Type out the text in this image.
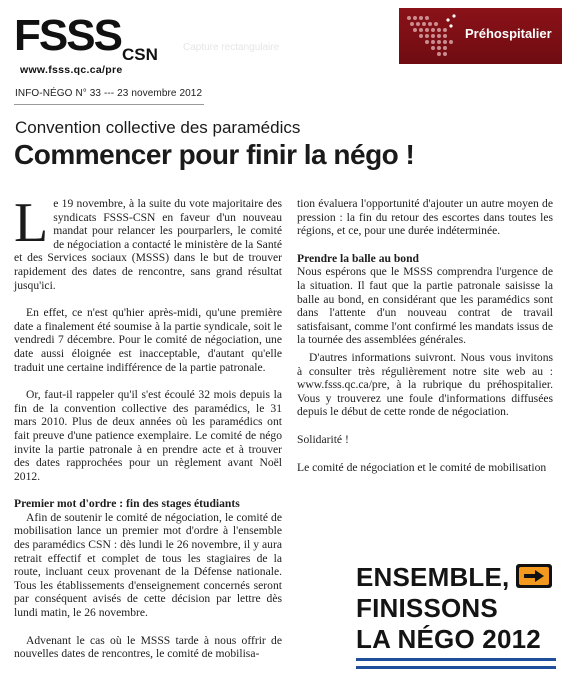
FSSS CSN
www.fsss.qc.ca/pre
Capture rectangulaire
Préhospitalier
INFO-NÉGO N° 33 --- 23 novembre 2012
Convention collective des paramédics
Commencer pour finir la négo !

Le 19 novembre, à la suite du vote majoritaire des syndicats FSSS-CSN en faveur d'un nouveau mandat pour relancer les pourparlers, le comité de négociation a contacté le ministère de la Santé et des Services sociaux (MSSS) dans le but de trouver rapidement des dates de rencontre, sans grand résultat jusqu'ici.

En effet, ce n'est qu'hier après-midi, qu'une première date a finalement été soumise à la partie syndicale, soit le vendredi 7 décembre. Pour le comité de négociation, une date aussi éloignée est inacceptable, d'autant qu'elle traduit une certaine indifférence de la partie patronale.

Or, faut-il rappeler qu'il s'est écoulé 32 mois depuis la fin de la convention collective des paramédics, le 31 mars 2010. Plus de deux années où les paramédics ont fait preuve d'une patience exemplaire. Le comité de négo invite la partie patronale à en prendre acte et à trouver des dates rapprochées pour un règlement avant Noël 2012.

Premier mot d'ordre : fin des stages étudiants

Afin de soutenir le comité de négociation, le comité de mobilisation lance un premier mot d'ordre à l'ensemble des paramédics CSN : dès lundi le 26 novembre, il y aura retrait effectif et complet de tous les stagiaires de la route, incluant ceux provenant de la Défense nationale. Tous les établissements d'enseignement concernés seront par conséquent avisés de cette décision par lettre dès lundi matin, le 26 novembre.

Advenant le cas où le MSSS tarde à nous offrir de nouvelles dates de rencontres, le comité de mobilisa-

tion évaluera l'opportunité d'ajouter un autre moyen de pression : la fin du retour des escortes dans toutes les régions, et ce, pour une durée indéterminée.

Prendre la balle au bond

Nous espérons que le MSSS comprendra l'urgence de la situation. Il faut que la partie patronale saisisse la balle au bond, en considérant que les paramédics sont dans l'attente d'un nouveau contrat de travail satisfaisant, comme l'ont confirmé les mandats issus de la tournée des assemblées générales.

D'autres informations suivront. Nous vous invitons à consulter très régulièrement notre site web au : www.fsss.qc.ca/pre, à la rubrique du préhospitalier. Vous y trouverez une foule d'informations diffusées depuis le début de cette ronde de négociation.

Solidarité !

Le comité de négociation et le comité de mobilisation

ENSEMBLE,
FINISSONS
LA NÉGO 2012
